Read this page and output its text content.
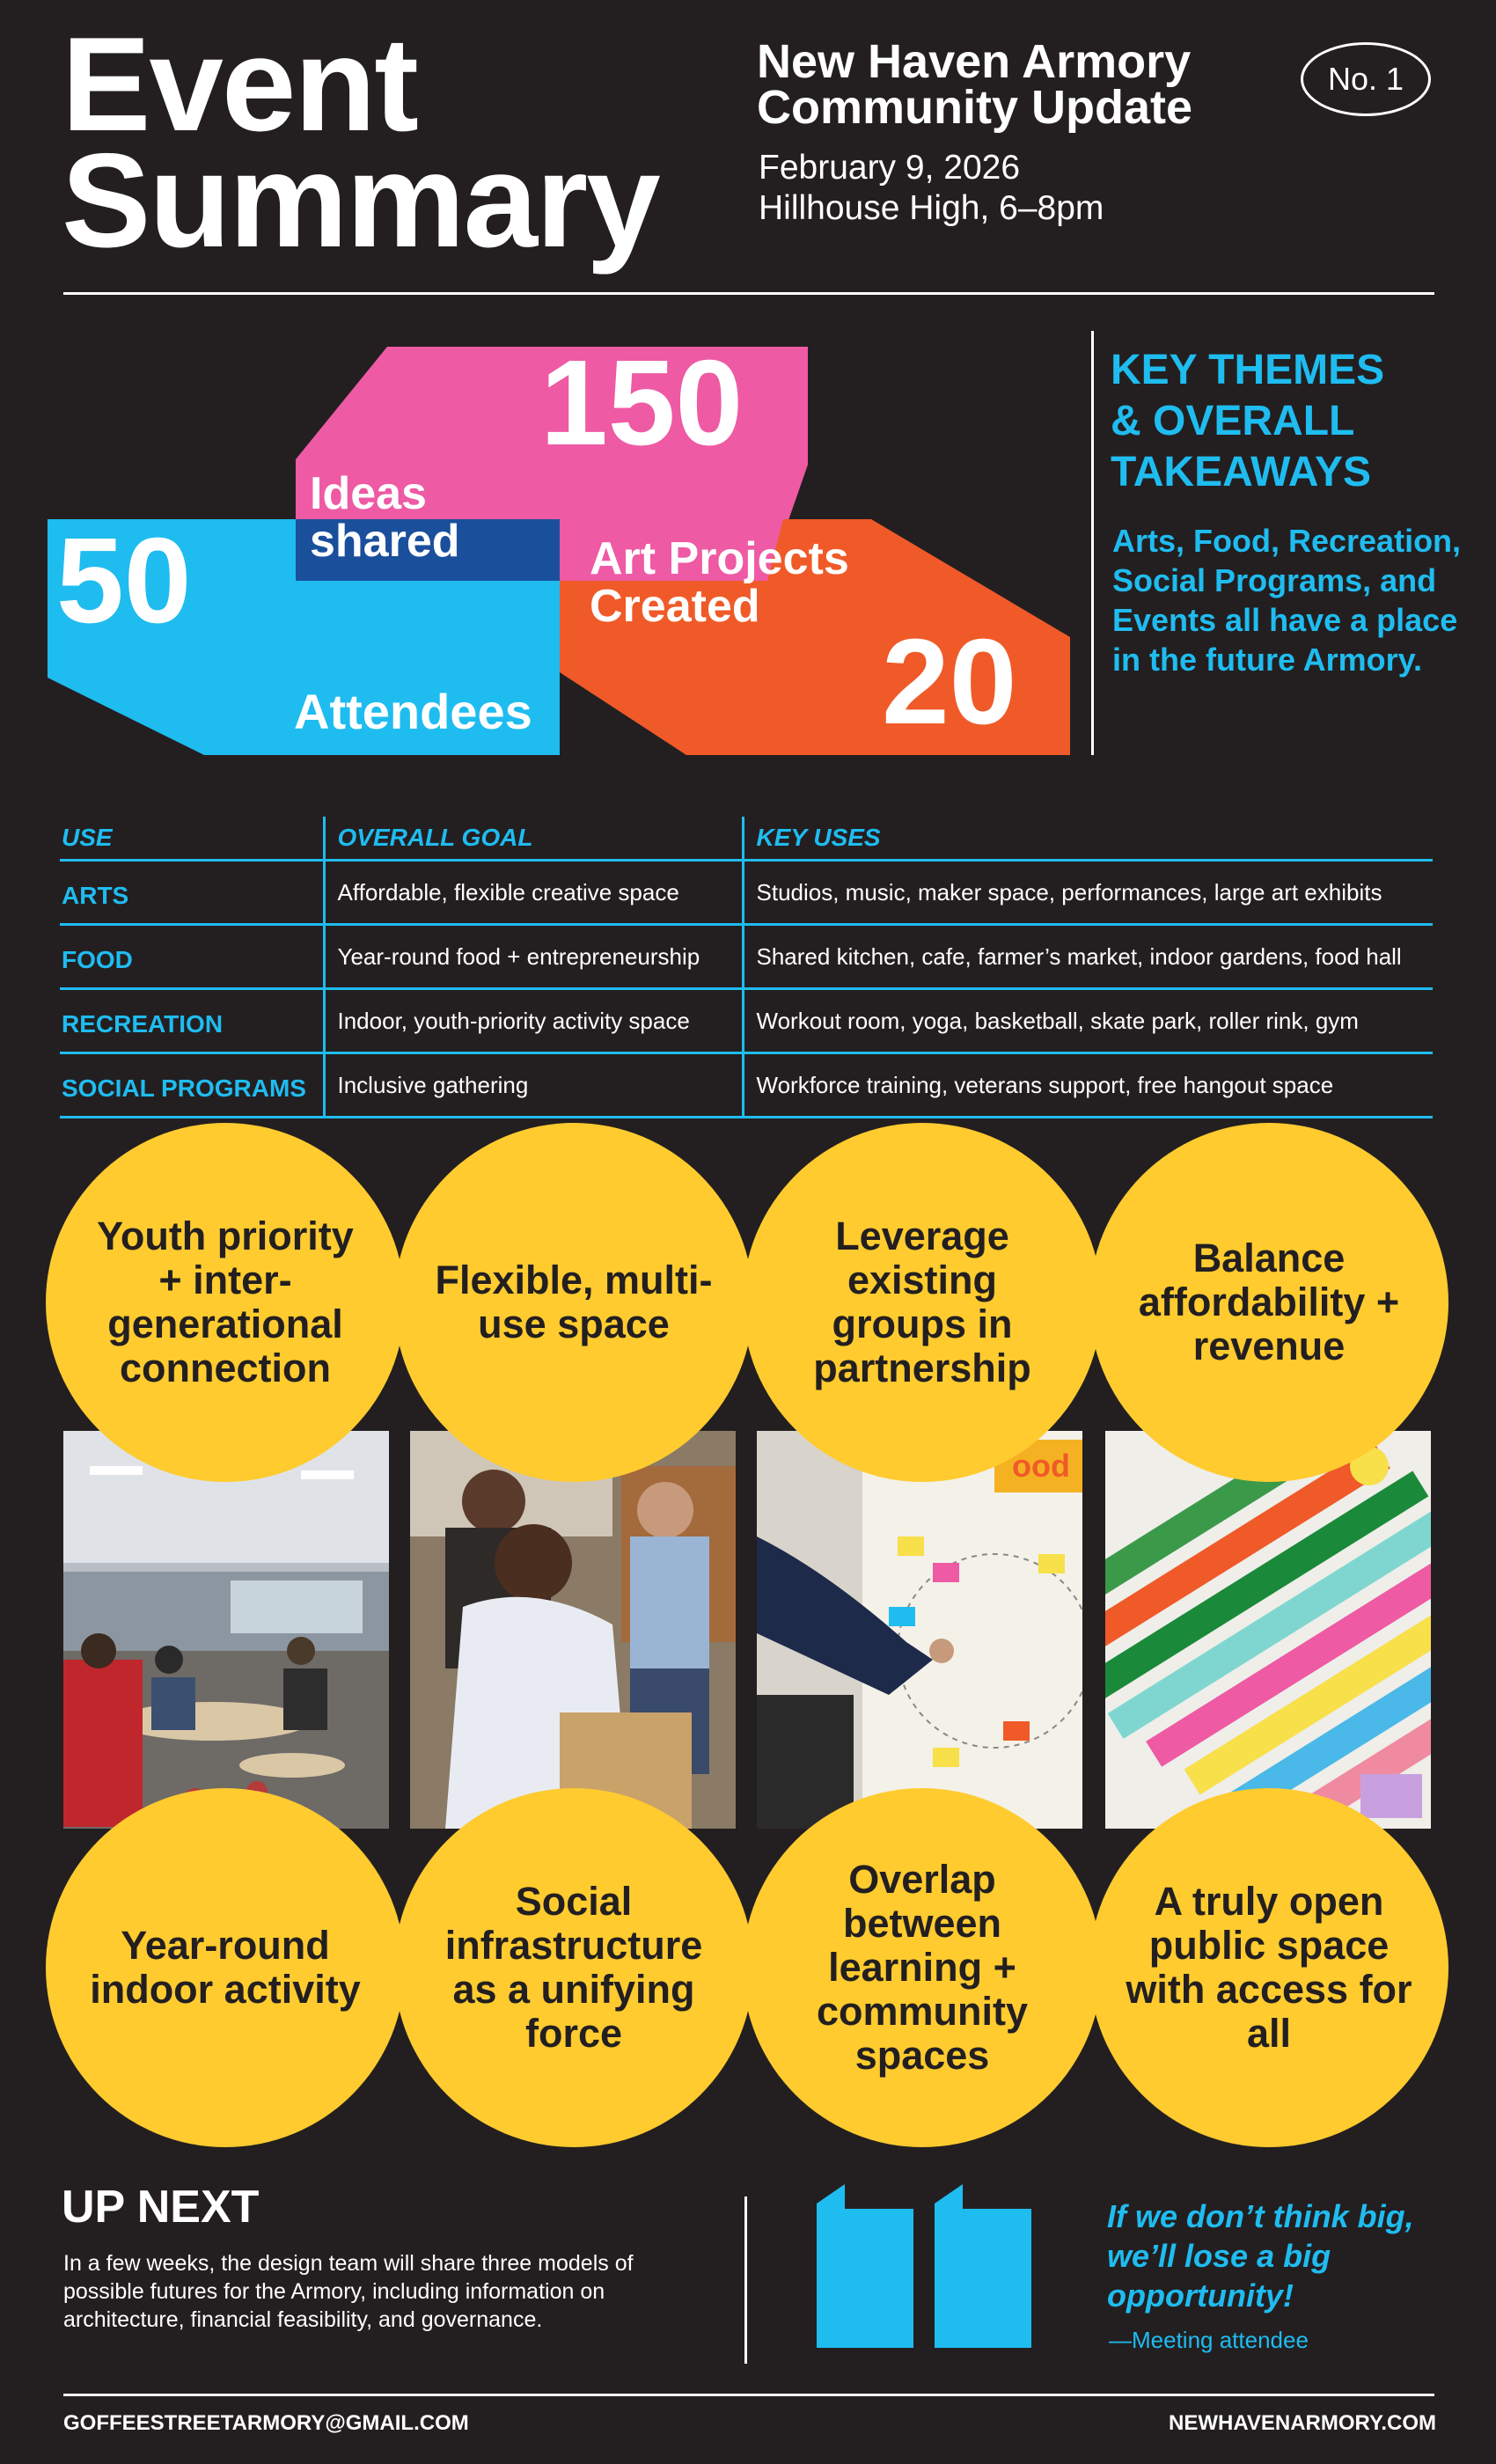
Event
Summary
New Haven Armory
Community Update
February 9, 2026
Hillhouse High, 6–8pm
No. 1
150
Ideas
shared
50
Attendees
Art Projects
Created
20
KEY THEMES
& OVERALL
TAKEAWAYS
Arts, Food, Recreation, Social Programs, and Events all have a place in the future Armory.
USE	OVERALL GOAL	KEY USES
ARTS	Affordable, flexible creative space	Studios, music, maker space, performances, large art exhibits
FOOD	Year-round food + entrepreneurship	Shared kitchen, cafe, farmer’s market, indoor gardens, food hall
RECREATION	Indoor, youth-priority activity space	Workout room, yoga, basketball, skate park, roller rink, gym
SOCIAL PROGRAMS	Inclusive gathering	Workforce training, veterans support, free hangout space
ood
Youth priority + inter-generational connection
Flexible, multi-use space
Leverage existing groups in partnership
Balance affordability + revenue
Year-round indoor activity
Social infrastructure as a unifying force
Overlap between learning + community spaces
A truly open public space with access for all
UP NEXT
In a few weeks, the design team will share three models of possible futures for the Armory, including information on architecture, financial feasibility, and governance.
If we don’t think big, we’ll lose a big opportunity!
—Meeting attendee
GOFFEESTREETARMORY@GMAIL.COM	NEWHAVENARMORY.COM
